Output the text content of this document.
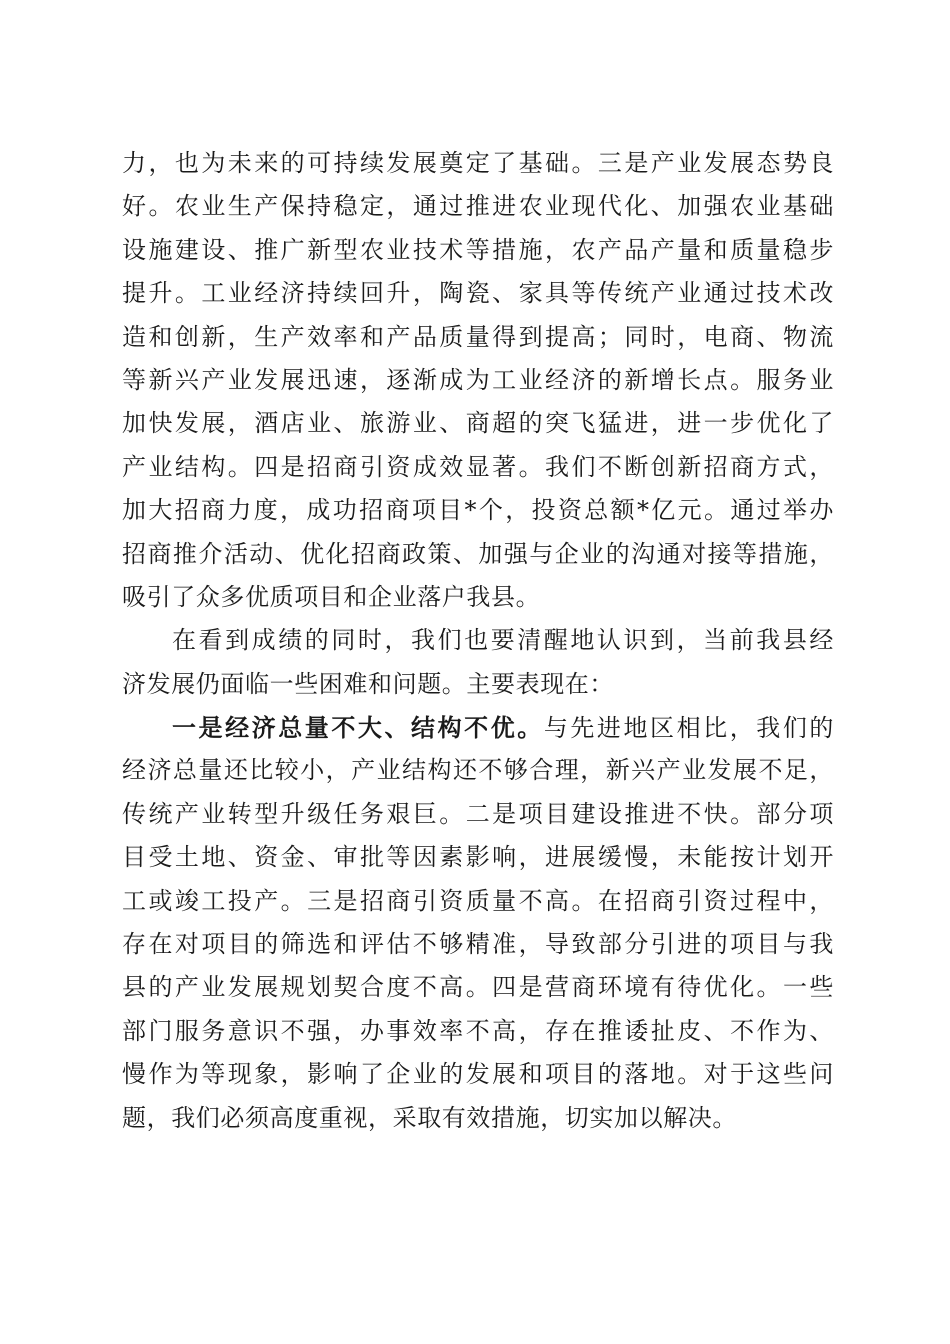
力，也为未来的可持续发展奠定了基础。三是产业发展态势良
好。农业生产保持稳定，通过推进农业现代化、加强农业基础
设施建设、推广新型农业技术等措施，农产品产量和质量稳步
提升。工业经济持续回升，陶瓷、家具等传统产业通过技术改
造和创新，生产效率和产品质量得到提高；同时，电商、物流
等新兴产业发展迅速，逐渐成为工业经济的新增长点。服务业
加快发展，酒店业、旅游业、商超的突飞猛进，进一步优化了
产业结构。四是招商引资成效显著。我们不断创新招商方式，
加大招商力度，成功招商项目*个，投资总额*亿元。通过举办
招商推介活动、优化招商政策、加强与企业的沟通对接等措施，
吸引了众多优质项目和企业落户我县。
在看到成绩的同时，我们也要清醒地认识到，当前我县经
济发展仍面临一些困难和问题。主要表现在：
一是经济总量不大、结构不优。与先进地区相比，我们的
经济总量还比较小，产业结构还不够合理，新兴产业发展不足，
传统产业转型升级任务艰巨。二是项目建设推进不快。部分项
目受土地、资金、审批等因素影响，进展缓慢，未能按计划开
工或竣工投产。三是招商引资质量不高。在招商引资过程中，
存在对项目的筛选和评估不够精准，导致部分引进的项目与我
县的产业发展规划契合度不高。四是营商环境有待优化。一些
部门服务意识不强，办事效率不高，存在推诿扯皮、不作为、
慢作为等现象，影响了企业的发展和项目的落地。对于这些问
题，我们必须高度重视，采取有效措施，切实加以解决。
